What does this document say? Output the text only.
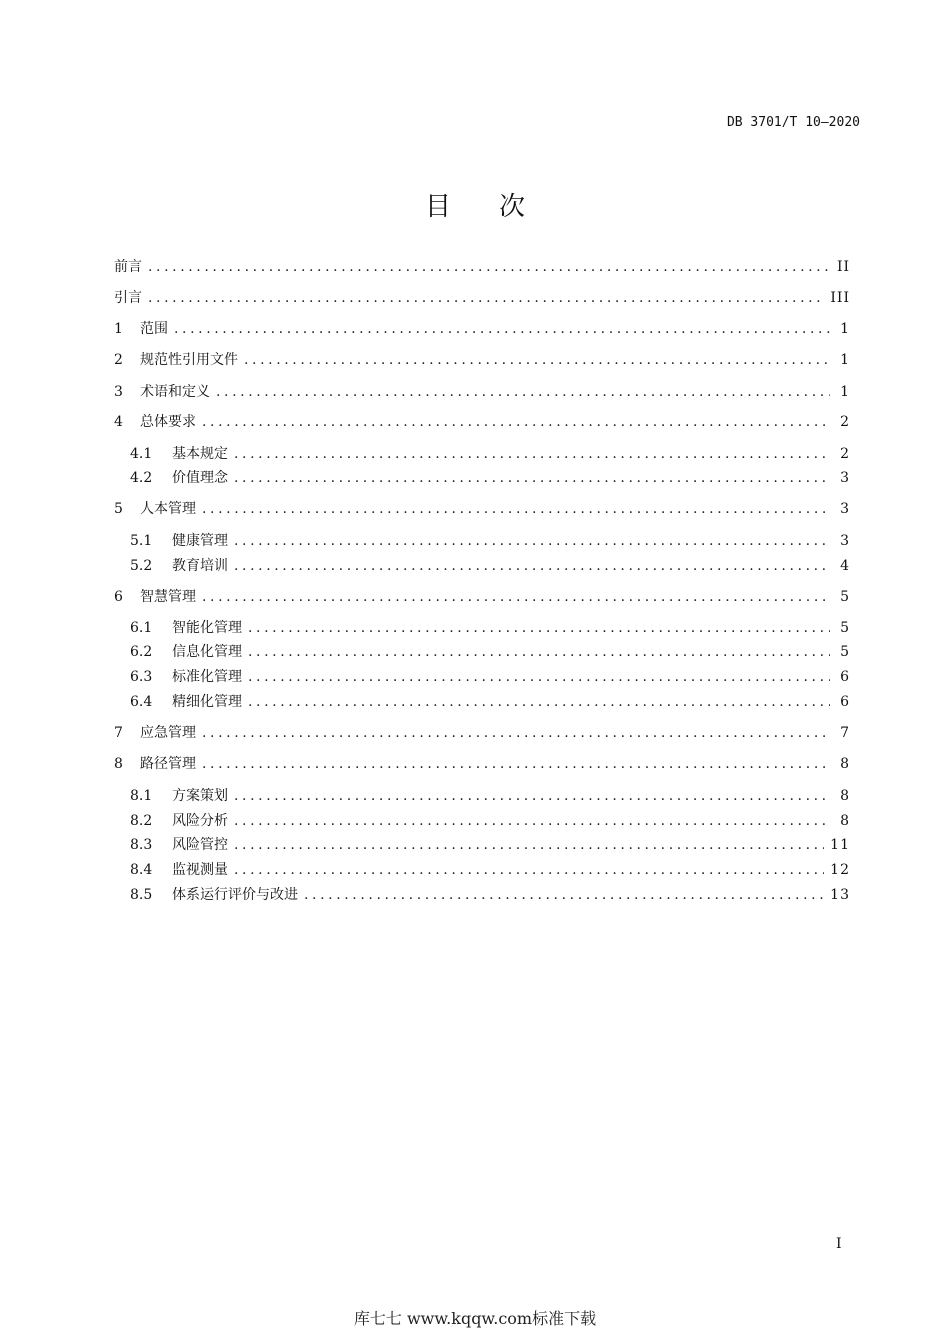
DB 3701/T 10—2020
目次
前言 .....	II
引言 .....	III
1	范围 .....	1
2	规范性引用文件 .....	1
3	术语和定义 .....	1
4	总体要求 .....	2
4.1	基本规定 .....	2
4.2	价值理念 .....	3
5	人本管理 .....	3
5.1	健康管理 .....	3
5.2	教育培训 .....	4
6	智慧管理 .....	5
6.1	智能化管理 .....	5
6.2	信息化管理 .....	5
6.3	标准化管理 .....	6
6.4	精细化管理 .....	6
7	应急管理 .....	7
8	路径管理 .....	8
8.1	方案策划 .....	8
8.2	风险分析 .....	8
8.3	风险管控 .....	11
8.4	监视测量 .....	12
8.5	体系运行评价与改进 .....	13
I
库七七 www.kqqw.com标准下载
